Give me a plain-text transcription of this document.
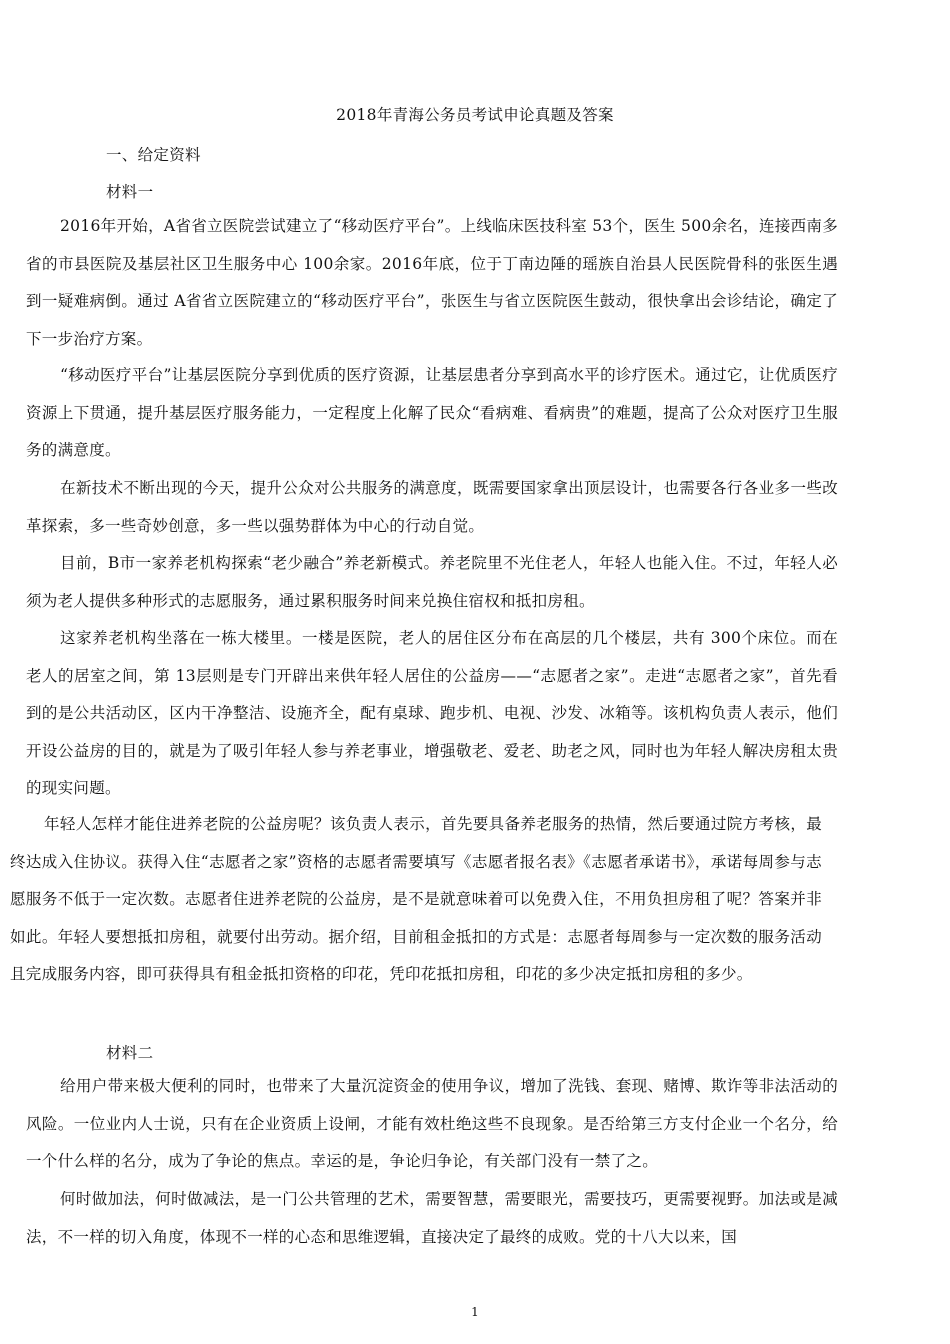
2018年青海公务员考试申论真题及答案
一、给定资料
材料一
2016年开始，A省省立医院尝试建立了“移动医疗平台”。上线临床医技科室 53个，医生 500余名，连接西南多省的市县医院及基层社区卫生服务中心 100余家。2016年底，位于丁南边陲的瑶族自治县人民医院骨科的张医生遇到一疑难病倒。通过 A省省立医院建立的“移动医疗平台”，张医生与省立医院医生鼓动，很快拿出会诊结论，确定了下一步治疗方案。
“移动医疗平台”让基层医院分享到优质的医疗资源，让基层患者分享到高水平的诊疗医术。通过它，让优质医疗资源上下贯通，提升基层医疗服务能力，一定程度上化解了民众“看病难、看病贵”的难题，提高了公众对医疗卫生服务的满意度。
在新技术不断出现的今天，提升公众对公共服务的满意度，既需要国家拿出顶层设计，也需要各行各业多一些改革探索，多一些奇妙创意，多一些以强势群体为中心的行动自觉。
目前，B市一家养老机构探索“老少融合”养老新模式。养老院里不光住老人，年轻人也能入住。不过，年轻人必须为老人提供多种形式的志愿服务，通过累积服务时间来兑换住宿权和抵扣房租。
这家养老机构坐落在一栋大楼里。一楼是医院，老人的居住区分布在高层的几个楼层，共有 300个床位。而在老人的居室之间，第 13层则是专门开辟出来供年轻人居住的公益房——“志愿者之家”。走进“志愿者之家”，首先看到的是公共活动区，区内干净整洁、设施齐全，配有桌球、跑步机、电视、沙发、冰箱等。该机构负责人表示，他们开设公益房的目的，就是为了吸引年轻人参与养老事业，增强敬老、爱老、助老之风，同时也为年轻人解决房租太贵的现实问题。
年轻人怎样才能住进养老院的公益房呢？该负责人表示，首先要具备养老服务的热情，然后要通过院方考核，最终达成入住协议。获得入住“志愿者之家”资格的志愿者需要填写《志愿者报名表》《志愿者承诺书》，承诺每周参与志愿服务不低于一定次数。志愿者住进养老院的公益房，是不是就意味着可以免费入住，不用负担房租了呢？答案并非如此。年轻人要想抵扣房租，就要付出劳动。据介绍，目前租金抵扣的方式是：志愿者每周参与一定次数的服务活动且完成服务内容，即可获得具有租金抵扣资格的印花，凭印花抵扣房租，印花的多少决定抵扣房租的多少。
材料二
给用户带来极大便利的同时，也带来了大量沉淀资金的使用争议，增加了洗钱、套现、赌博、欺诈等非法活动的风险。一位业内人士说，只有在企业资质上设闸，才能有效杜绝这些不良现象。是否给第三方支付企业一个名分，给一个什么样的名分，成为了争论的焦点。幸运的是，争论归争论，有关部门没有一禁了之。
何时做加法，何时做减法，是一门公共管理的艺术，需要智慧，需要眼光，需要技巧，更需要视野。加法或是减法，不一样的切入角度，体现不一样的心态和思维逻辑，直接决定了最终的成败。党的十八大以来，国
1
